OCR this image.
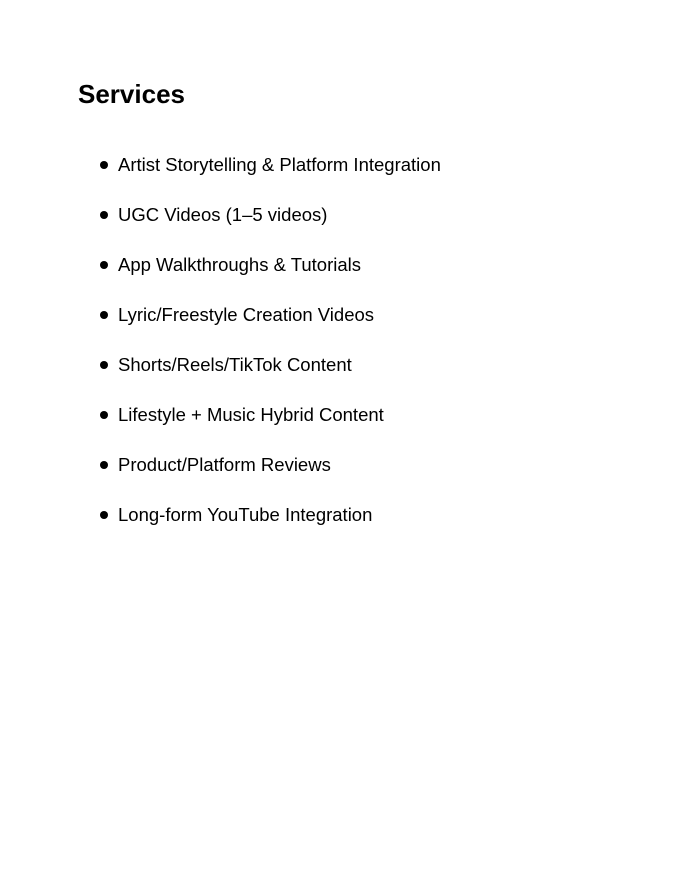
Services
Artist Storytelling & Platform Integration
UGC Videos (1–5 videos)
App Walkthroughs & Tutorials
Lyric/Freestyle Creation Videos
Shorts/Reels/TikTok Content
Lifestyle + Music Hybrid Content
Product/Platform Reviews
Long-form YouTube Integration
